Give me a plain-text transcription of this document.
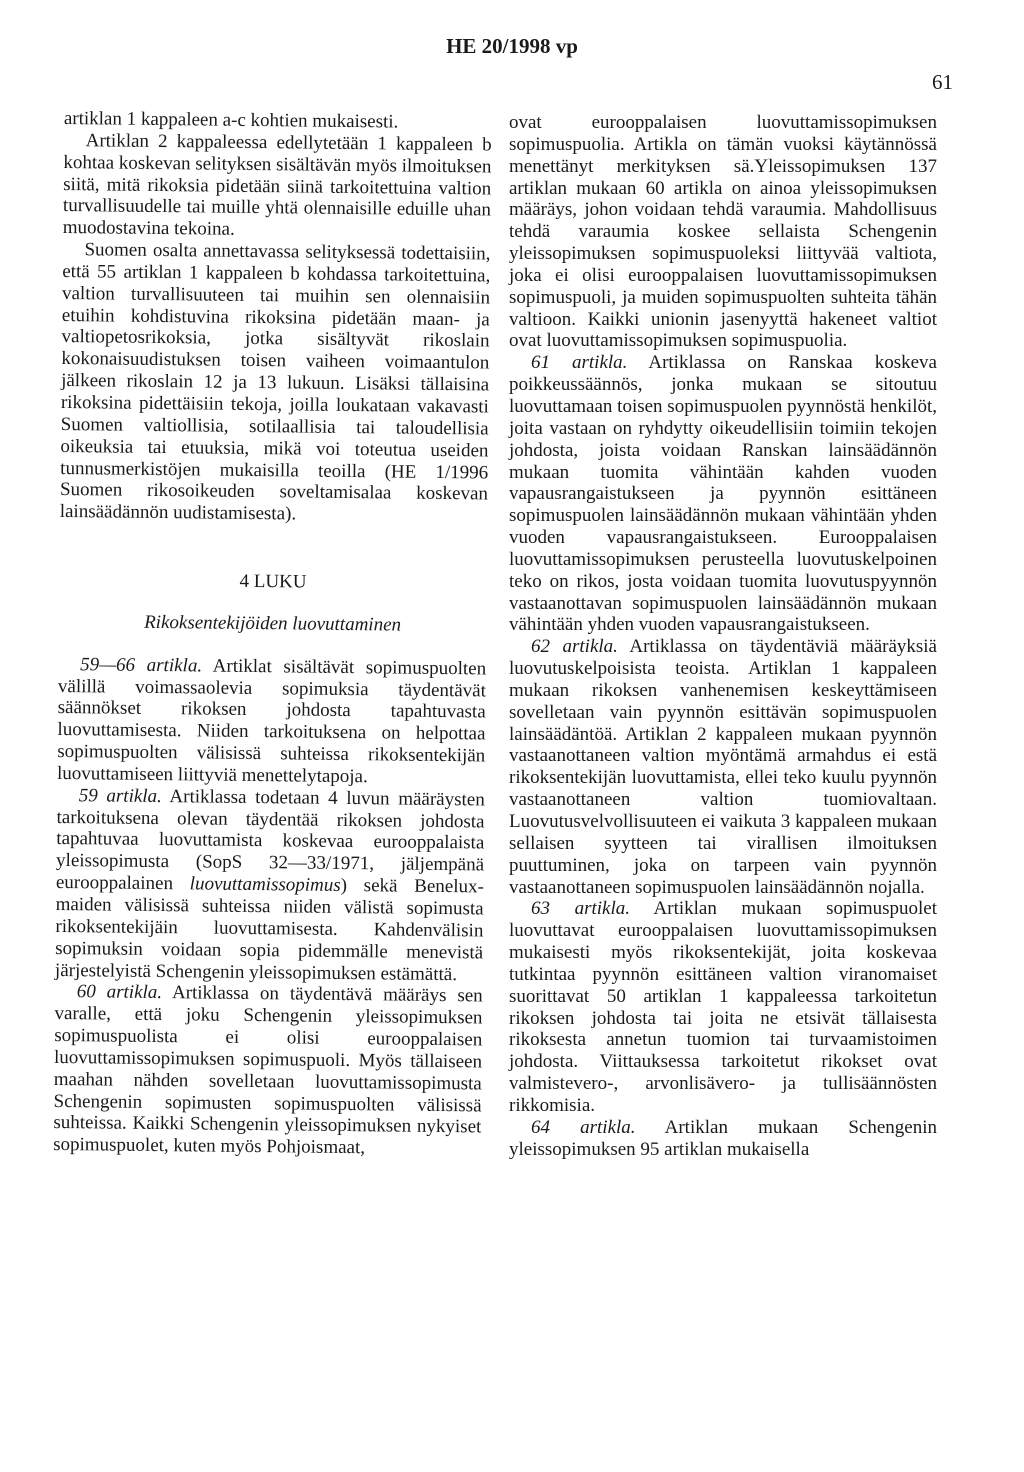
HE 20/1998 vp
61

artiklan 1 kappaleen a-c kohtien mukaisesti.

Artiklan 2 kappaleessa edellytetään 1 kappaleen b kohtaa koskevan selityksen sisältävän myös ilmoituksen siitä, mitä rikoksia pidetään siinä tarkoitettuina valtion turvallisuudelle tai muille yhtä olennaisille eduille uhan muodostavina tekoina.

Suomen osalta annettavassa selityksessä todettaisiin, että 55 artiklan 1 kappaleen b kohdassa tarkoitettuina, valtion turvallisuuteen tai muihin sen olennaisiin etuihin kohdistuvina rikoksina pidetään maan- ja valtiopetosrikoksia, jotka sisältyvät rikoslain kokonaisuudistuksen toisen vaiheen voimaantulon jälkeen rikoslain 12 ja 13 lukuun. Lisäksi tällaisina rikoksina pidettäisiin tekoja, joilla loukataan vakavasti Suomen valtiollisia, sotilaallisia tai taloudellisia oikeuksia tai etuuksia, mikä voi toteutua useiden tunnusmerkistöjen mukaisilla teoilla (HE 1/1996 Suomen rikosoikeuden soveltamisalaa koskevan lainsäädännön uudistamisesta).

4 LUKU

Rikoksentekijöiden luovuttaminen

59—66 artikla. Artiklat sisältävät sopimuspuolten välillä voimassaolevia sopimuksia täydentävät säännökset rikoksen johdosta tapahtuvasta luovuttamisesta. Niiden tarkoituksena on helpottaa sopimuspuolten välisissä suhteissa rikoksentekijän luovuttamiseen liittyviä menettelytapoja.

59 artikla. Artiklassa todetaan 4 luvun määräysten tarkoituksena olevan täydentää rikoksen johdosta tapahtuvaa luovuttamista koskevaa eurooppalaista yleissopimusta (SopS 32—33/1971, jäljempänä eurooppalainen luovuttamissopimus) sekä Benelux-maiden välisissä suhteissa niiden välistä sopimusta rikoksentekijäin luovuttamisesta. Kahdenvälisin sopimuksin voidaan sopia pidemmälle menevistä järjestelyistä Schengenin yleissopimuksen estämättä.

60 artikla. Artiklassa on täydentävä määräys sen varalle, että joku Schengenin yleissopimuksen sopimuspuolista ei olisi eurooppalaisen luovuttamissopimuksen sopimuspuoli. Myös tällaiseen maahan nähden sovelletaan luovuttamissopimusta Schengenin sopimusten sopimuspuolten välisissä suhteissa. Kaikki Schengenin yleissopimuksen nykyiset sopimuspuolet, kuten myös Pohjoismaat,

ovat eurooppalaisen luovuttamissopimuksen sopimuspuolia. Artikla on tämän vuoksi käytännössä menettänyt merkityksen sä.Yleissopimuksen 137 artiklan mukaan 60 artikla on ainoa yleissopimuksen määräys, johon voidaan tehdä varaumia. Mahdollisuus tehdä varaumia koskee sellaista Schengenin yleissopimuksen sopimuspuoleksi liittyvää valtiota, joka ei olisi eurooppalaisen luovuttamissopimuksen sopimuspuoli, ja muiden sopimuspuolten suhteita tähän valtioon. Kaikki unionin jasenyyttä hakeneet valtiot ovat luovuttamissopimuksen sopimuspuolia.

61 artikla. Artiklassa on Ranskaa koskeva poikkeussäännös, jonka mukaan se sitoutuu luovuttamaan toisen sopimuspuolen pyynnöstä henkilöt, joita vastaan on ryhdytty oikeudellisiin toimiin tekojen johdosta, joista voidaan Ranskan lainsäädännön mukaan tuomita vähintään kahden vuoden vapausrangaistukseen ja pyynnön esittäneen sopimuspuolen lainsäädännön mukaan vähintään yhden vuoden vapausrangaistukseen. Eurooppalaisen luovuttamissopimuksen perusteella luovutuskelpoinen teko on rikos, josta voidaan tuomita luovutuspyynnön vastaanottavan sopimuspuolen lainsäädännön mukaan vähintään yhden vuoden vapausrangaistukseen.

62 artikla. Artiklassa on täydentäviä määräyksiä luovutuskelpoisista teoista. Artiklan 1 kappaleen mukaan rikoksen vanhenemisen keskeyttämiseen sovelletaan vain pyynnön esittävän sopimuspuolen lainsäädäntöä. Artiklan 2 kappaleen mukaan pyynnön vastaanottaneen valtion myöntämä armahdus ei estä rikoksentekijän luovuttamista, ellei teko kuulu pyynnön vastaanottaneen valtion tuomiovaltaan. Luovutusvelvollisuuteen ei vaikuta 3 kappaleen mukaan sellaisen syytteen tai virallisen ilmoituksen puuttuminen, joka on tarpeen vain pyynnön vastaanottaneen sopimuspuolen lainsäädännön nojalla.

63 artikla. Artiklan mukaan sopimuspuolet luovuttavat eurooppalaisen luovuttamissopimuksen mukaisesti myös rikoksentekijät, joita koskevaa tutkintaa pyynnön esittäneen valtion viranomaiset suorittavat 50 artiklan 1 kappaleessa tarkoitetun rikoksen johdosta tai joita ne etsivät tällaisesta rikoksesta annetun tuomion tai turvaamistoimen johdosta. Viittauksessa tarkoitetut rikokset ovat valmistevero-, arvonlisävero- ja tullisäännösten rikkomisia.

64 artikla. Artiklan mukaan Schengenin yleissopimuksen 95 artiklan mukaisella
